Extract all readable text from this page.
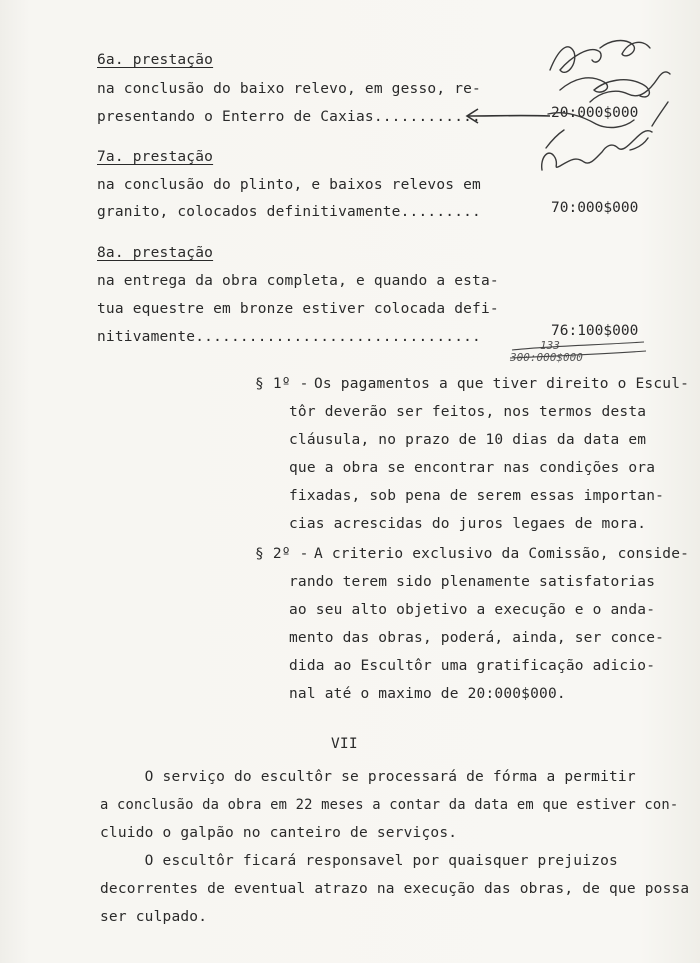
6a. prestação
na conclusão do baixo relevo, em gesso, re-
presentando o Enterro de Caxias............	20:000$000
7a. prestação
na conclusão do plinto, e baixos relevos em
granito, colocados definitivamente.........	70:000$000
8a. prestação
na entrega da obra completa, e quando a esta-
tua equestre em bronze estiver colocada defi-
nitivamente................................	76:100$000
133
300:000$000
§ 1º - Os pagamentos a que tiver direito o Escul-
tôr deverão ser feitos, nos termos desta
cláusula, no prazo de 10 dias da data em
que a obra se encontrar nas condições ora
fixadas, sob pena de serem essas importan-
cias acrescidas do juros legaes de mora.
§ 2º - A criterio exclusivo da Comissão, conside-
rando terem sido plenamente satisfatorias
ao seu alto objetivo a execução e o anda-
mento das obras, poderá, ainda, ser conce-
dida ao Escultôr uma gratificação adicio-
nal até o maximo de 20:000$000.
VII
O serviço do escultôr se processará de fórma a permitir
a conclusão da obra em 22 meses a contar da data em que estiver con-
cluido o galpão no canteiro de serviços.
O escultôr ficará responsavel por quaisquer prejuizos
decorrentes de eventual atrazo na execução das obras, de que possa
ser culpado.
